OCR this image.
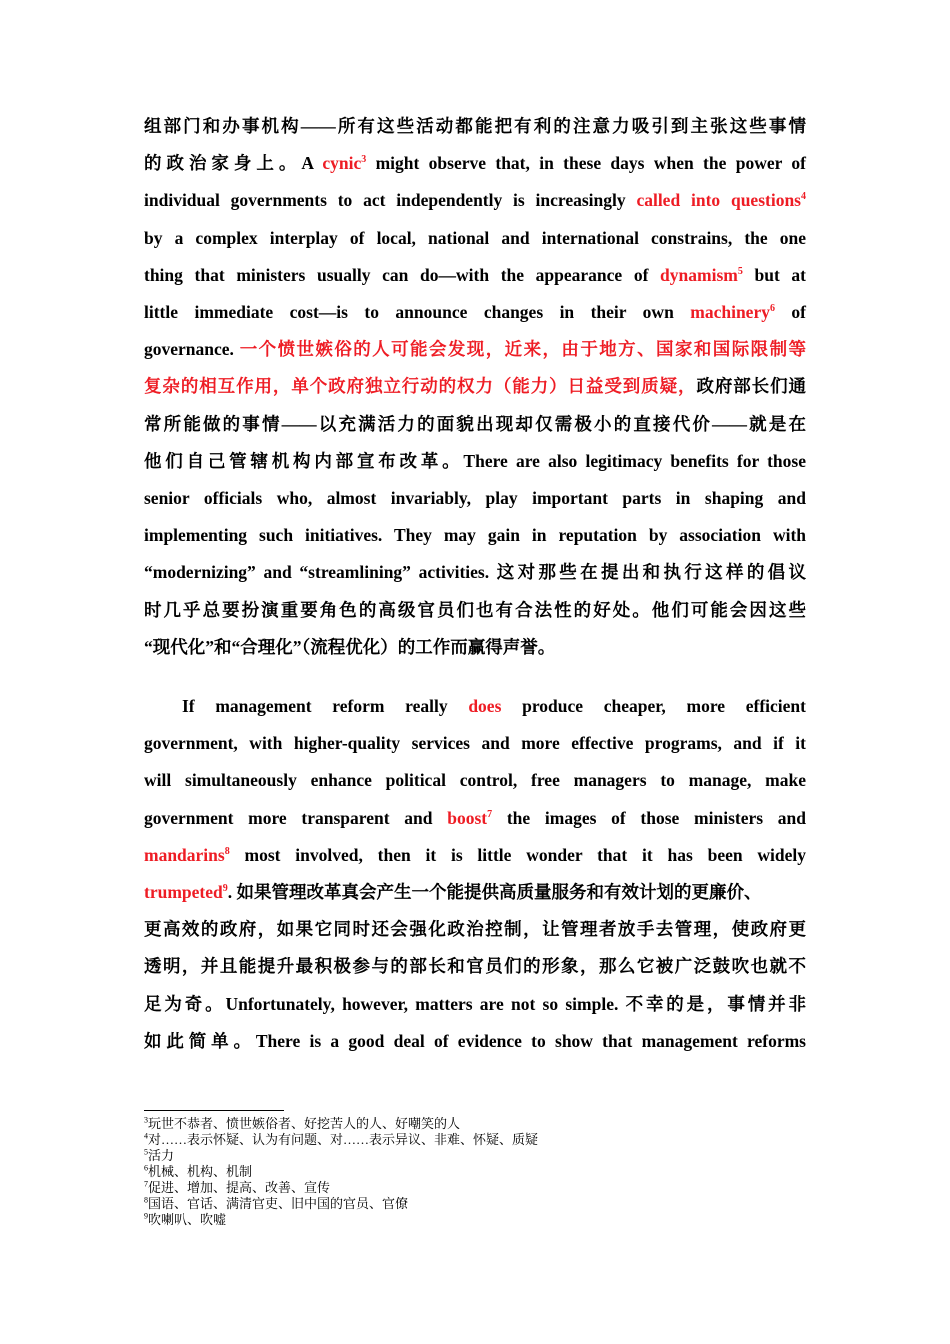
组部门和办事机构——所有这些活动都能把有利的注意力吸引到主张这些事情
的政治家身上。A cynic$^3$ might observe that, in these days when the power of
individual governments to act independently is increasingly called into questions$^4$
by a complex interplay of local, national and international constrains, the one
thing that ministers usually can do—with the appearance of dynamism$^5$ but at
little immediate cost—is to announce changes in their own machinery$^6$ of
governance. 一个愤世嫉俗的人可能会发现，近来，由于地方、国家和国际限制等
复杂的相互作用，单个政府独立行动的权力（能力）日益受到质疑，政府部长们通
常所能做的事情——以充满活力的面貌出现却仅需极小的直接代价——就是在
他们自己管辖机构内部宣布改革。There are also legitimacy benefits for those
senior officials who, almost invariably, play important parts in shaping and
implementing such initiatives. They may gain in reputation by association with
“modernizing” and “streamlining” activities. 这对那些在提出和执行这样的倡议
时几乎总要扮演重要角色的高级官员们也有合法性的好处。他们可能会因这些
“现代化”和“合理化”（流程优化）的工作而赢得声誉。
If management reform really does produce cheaper, more efficient
government, with higher-quality services and more effective programs, and if it
will simultaneously enhance political control, free managers to manage, make
government more transparent and boost$^7$ the images of those ministers and
mandarins$^8$ most involved, then it is little wonder that it has been widely
trumpeted$^9$. 如果管理改革真会产生一个能提供高质量服务和有效计划的更廉价、
更高效的政府，如果它同时还会强化政治控制，让管理者放手去管理，使政府更
透明，并且能提升最积极参与的部长和官员们的形象，那么它被广泛鼓吹也就不
足为奇。Unfortunately, however, matters are not so simple. 不幸的是，事情并非
如此简单。There is a good deal of evidence to show that management reforms
$^3$玩世不恭者、愤世嫉俗者、好挖苦人的人、好嘲笑的人
$^4$对……表示怀疑、认为有问题、对……表示异议、非难、怀疑、质疑
$^5$活力
$^6$机械、机构、机制
$^7$促进、增加、提高、改善、宣传
$^8$国语、官话、满清官吏、旧中国的官员、官僚
$^9$吹喇叭、吹嘘
